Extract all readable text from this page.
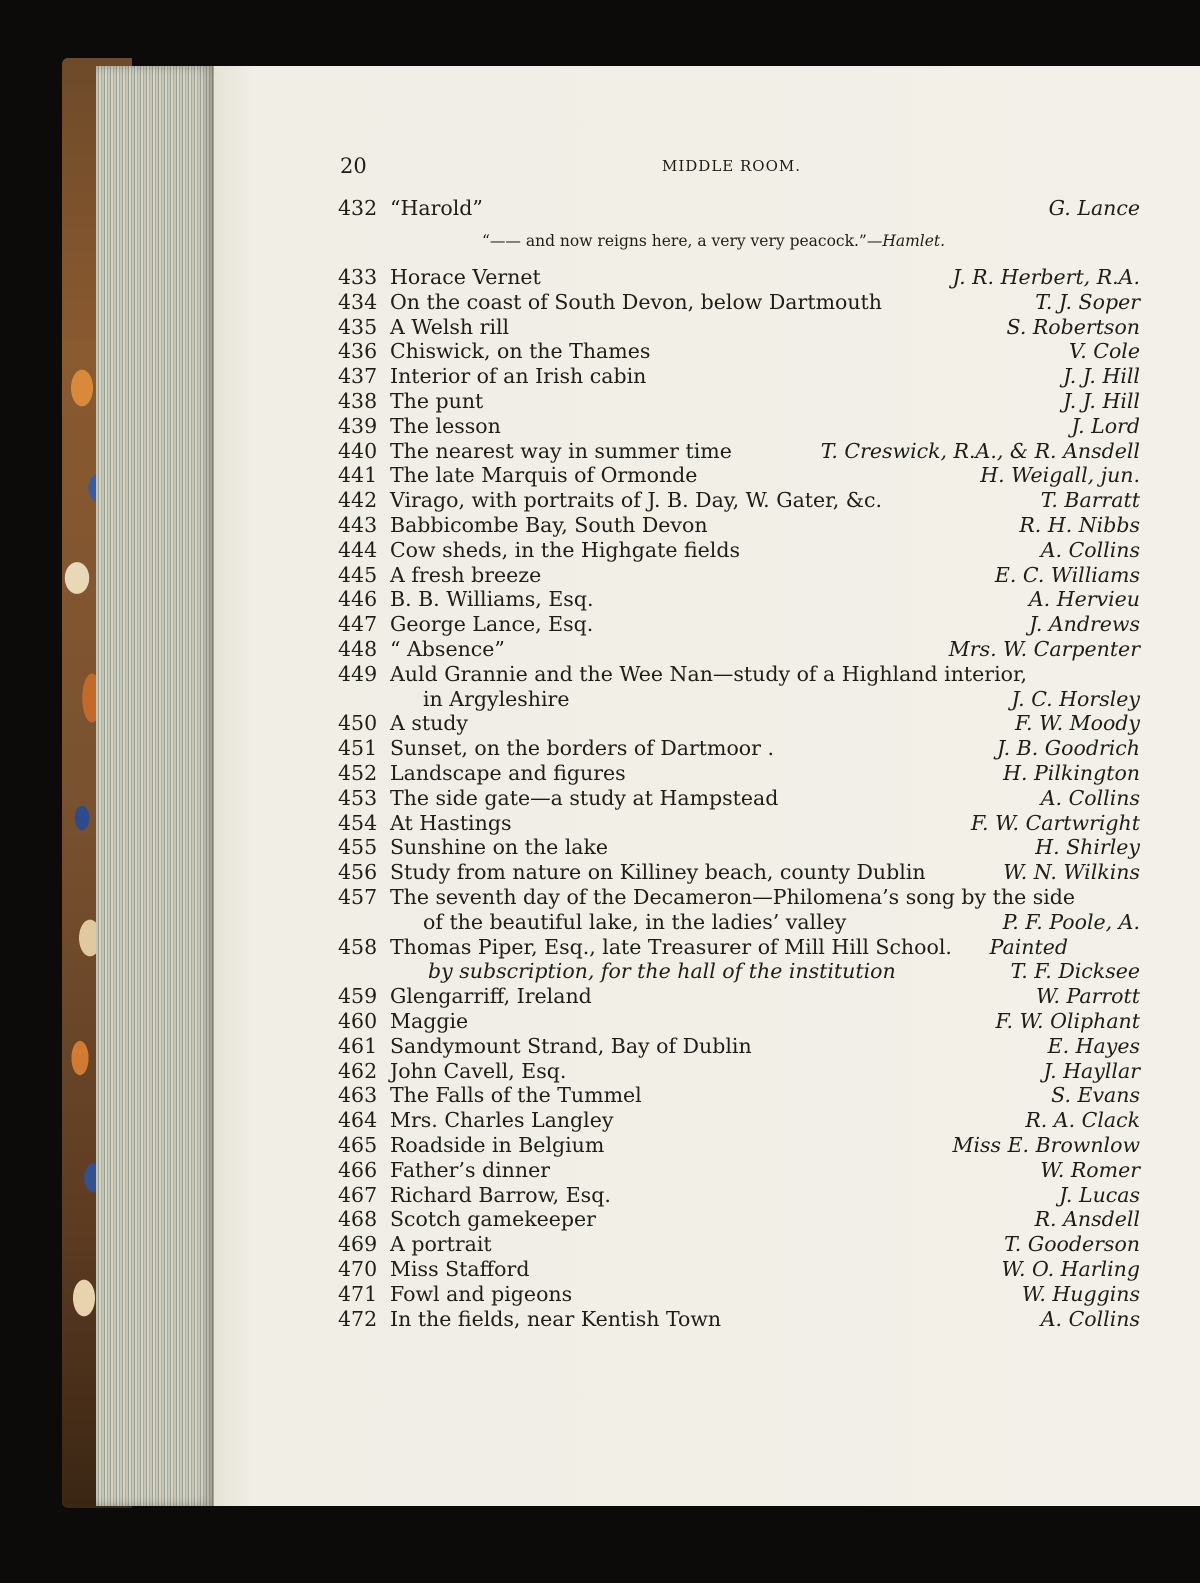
20	MIDDLE ROOM.
“—— and now reigns here, a very very peacock.”—Hamlet.
432 “Harold”	G. Lance
433 Horace Vernet	J. R. Herbert, R.A.
434 On the coast of South Devon, below Dartmouth	T. J. Soper
435 A Welsh rill	S. Robertson
436 Chiswick, on the Thames	V. Cole
437 Interior of an Irish cabin	J. J. Hill
438 The punt	J. J. Hill
439 The lesson	J. Lord
440 The nearest way in summer time	T. Creswick, R.A., & R. Ansdell
441 The late Marquis of Ormonde	H. Weigall, jun.
442 Virago, with portraits of J. B. Day, W. Gater, &c.	T. Barratt
443 Babbicombe Bay, South Devon	R. H. Nibbs
444 Cow sheds, in the Highgate fields	A. Collins
445 A fresh breeze	E. C. Williams
446 B. B. Williams, Esq.	A. Hervieu
447 George Lance, Esq.	J. Andrews
448 “ Absence”	Mrs. W. Carpenter
449 Auld Grannie and the Wee Nan—study of a Highland interior,
in Argyleshire	J. C. Horsley
450 A study	F. W. Moody
451 Sunset, on the borders of Dartmoor .	J. B. Goodrich
452 Landscape and figures	H. Pilkington
453 The side gate—a study at Hampstead	A. Collins
454 At Hastings	F. W. Cartwright
455 Sunshine on the lake	H. Shirley
456 Study from nature on Killiney beach, county Dublin	W. N. Wilkins
457 The seventh day of the Decameron—Philomena’s song by the side
of the beautiful lake, in the ladies’ valley	P. F. Poole, A.
458 Thomas Piper, Esq., late Treasurer of Mill Hill School. Painted
by subscription, for the hall of the institution	T. F. Dicksee
459 Glengarriff, Ireland	W. Parrott
460 Maggie	F. W. Oliphant
461 Sandymount Strand, Bay of Dublin	E. Hayes
462 John Cavell, Esq.	J. Hayllar
463 The Falls of the Tummel	S. Evans
464 Mrs. Charles Langley	R. A. Clack
465 Roadside in Belgium	Miss E. Brownlow
466 Father’s dinner	W. Romer
467 Richard Barrow, Esq.	J. Lucas
468 Scotch gamekeeper	R. Ansdell
469 A portrait	T. Gooderson
470 Miss Stafford	W. O. Harling
471 Fowl and pigeons	W. Huggins
472 In the fields, near Kentish Town	A. Collins
